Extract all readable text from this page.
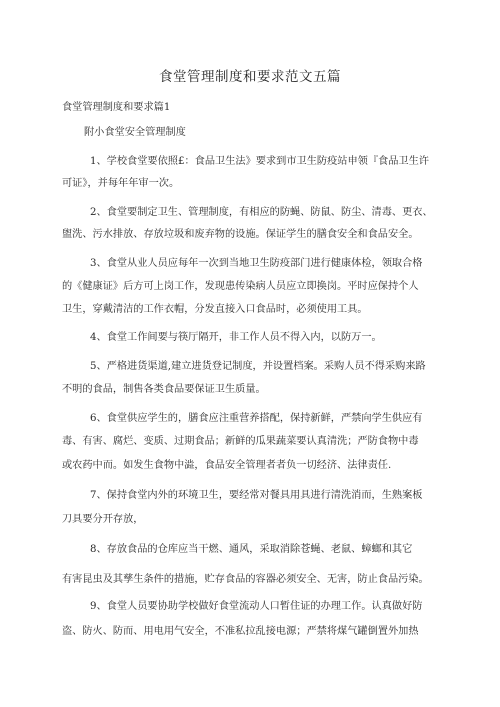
食堂管理制度和要求范文五篇
食堂管理制度和要求篇1
附小食堂安全管理制度
1、学校食堂要依照£：食品卫生法》要求到市卫生防疫站申领『食品卫生许
可证》，并每年年审一次。
2、食堂要制定卫生、管理制度，有相应的防蝇、防鼠、防尘、清毒、更衣、
盥洗、污水排放、存放垃圾和废弃物的设施。保证学生的膳食安全和食品安全。
3、食堂从业人员应每年一次到当地卫生防疫部门进行健康体检，领取合格
的《健康证》后方可上岗工作，发现患传染病人员应立即换岗。平时应保持个人
卫生，穿戴清洁的工作衣帽，分发直接入口食品时，必须使用工具。
4、食堂工作间要与筷厅隔开，非工作人员不得入内，以防万一。
5、严格进货渠道,建立进货登记制度，并设置档案。采购人员不得采购来路
不明的食品，制售各类食品要保证卫生质量。
6、食堂供应学生的，膳食应注重营养搭配，保持新鲜，严禁向学生供应有
毒、有害、腐烂、变质、过期食品；新鲜的瓜果蔬菜要认真清洗；严防食物中毒
或农药中而。如发生食物中澁，食品安全管理者者负一切经济、法律责任.
7、保持食堂内外的环境卫生，要经常对餐具用具进行清洗消而，生熟案板
刀具要分开存放，
8、存放食品的仓库应当干燃、通风，采取消除苍蝇、老鼠、蟑螂和其它
有害昆虫及其孳生条件的措施，贮存食品的容器必须安全、无害，防止食品污染。
9、食堂人员要协助学校做好食堂流动人口暂住证的办理工作。认真做好防
盗、防火、防而、用电用气安全，不准私拉乱接电源；严禁将煤气罐倒置外加热
